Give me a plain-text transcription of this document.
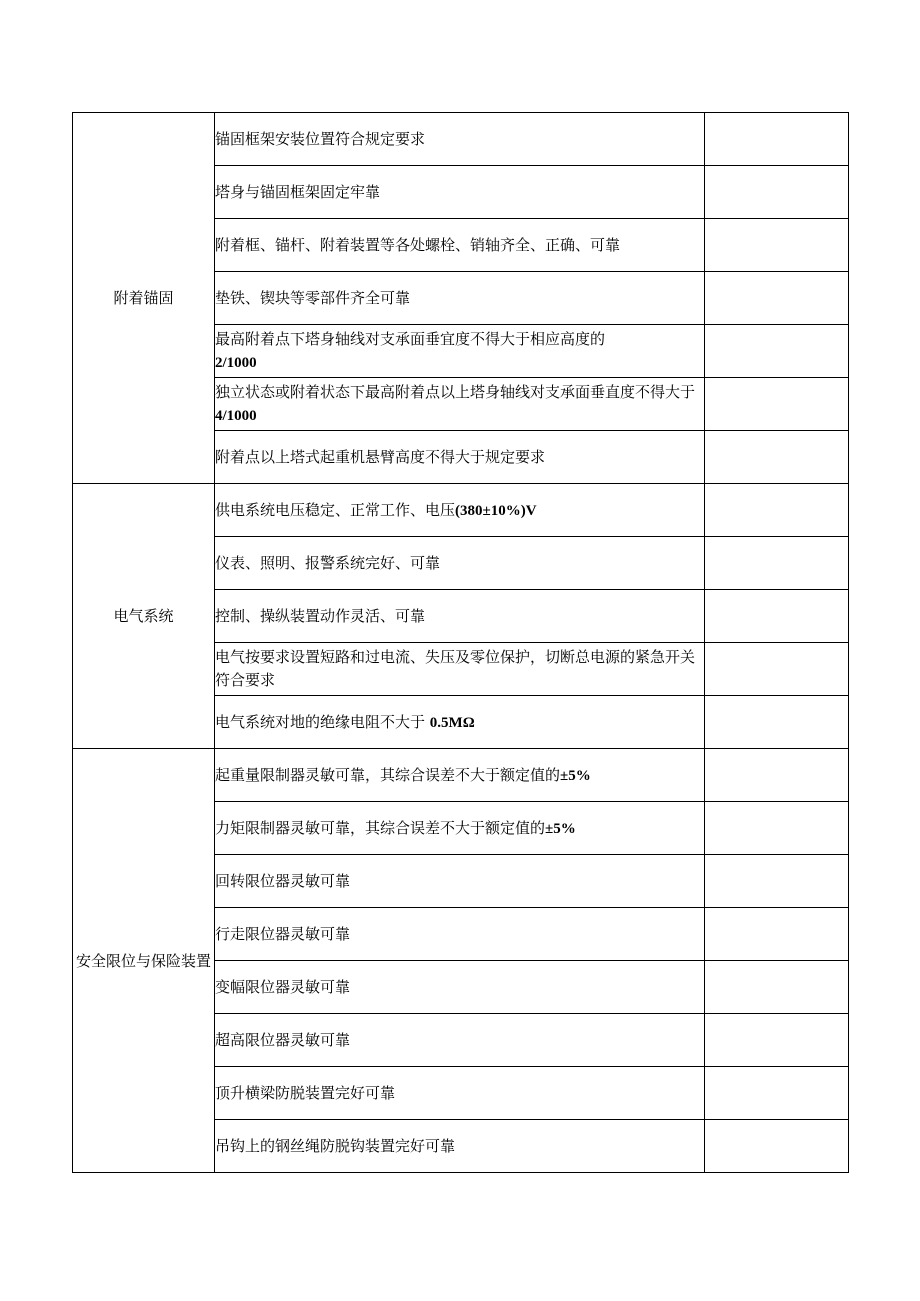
附着锚固	锚固框架安装位置符合规定要求	
	塔身与锚固框架固定牢靠	
	附着框、锚杆、附着装置等各处螺栓、销轴齐全、正确、可靠	
	垫铁、锲块等零部件齐全可靠	
	最高附着点下塔身轴线对支承面垂宜度不得大于相应高度的
2/1000	
	独立状态或附着状态下最高附着点以上塔身轴线对支承面垂直度不得大于 4/1000	
	附着点以上塔式起重机悬臂高度不得大于规定要求	
电气系统	供电系统电压稳定、正常工作、电压(380±10%)V	
	仪表、照明、报警系统完好、可靠	
	控制、操纵装置动作灵活、可靠	
	电气按要求设置短路和过电流、失压及零位保护，切断总电源的紧急开关符合要求	
	电气系统对地的绝缘电阻不大于 0.5MΩ	
安全限位与保险装置	起重量限制器灵敏可靠，其综合误差不大于额定值的±5%	
	力矩限制器灵敏可靠，其综合误差不大于额定值的±5%	
	回转限位器灵敏可靠	
	行走限位器灵敏可靠	
	变幅限位器灵敏可靠	
	超高限位器灵敏可靠	
	顶升横梁防脱装置完好可靠	
	吊钩上的钢丝绳防脱钩装置完好可靠	
